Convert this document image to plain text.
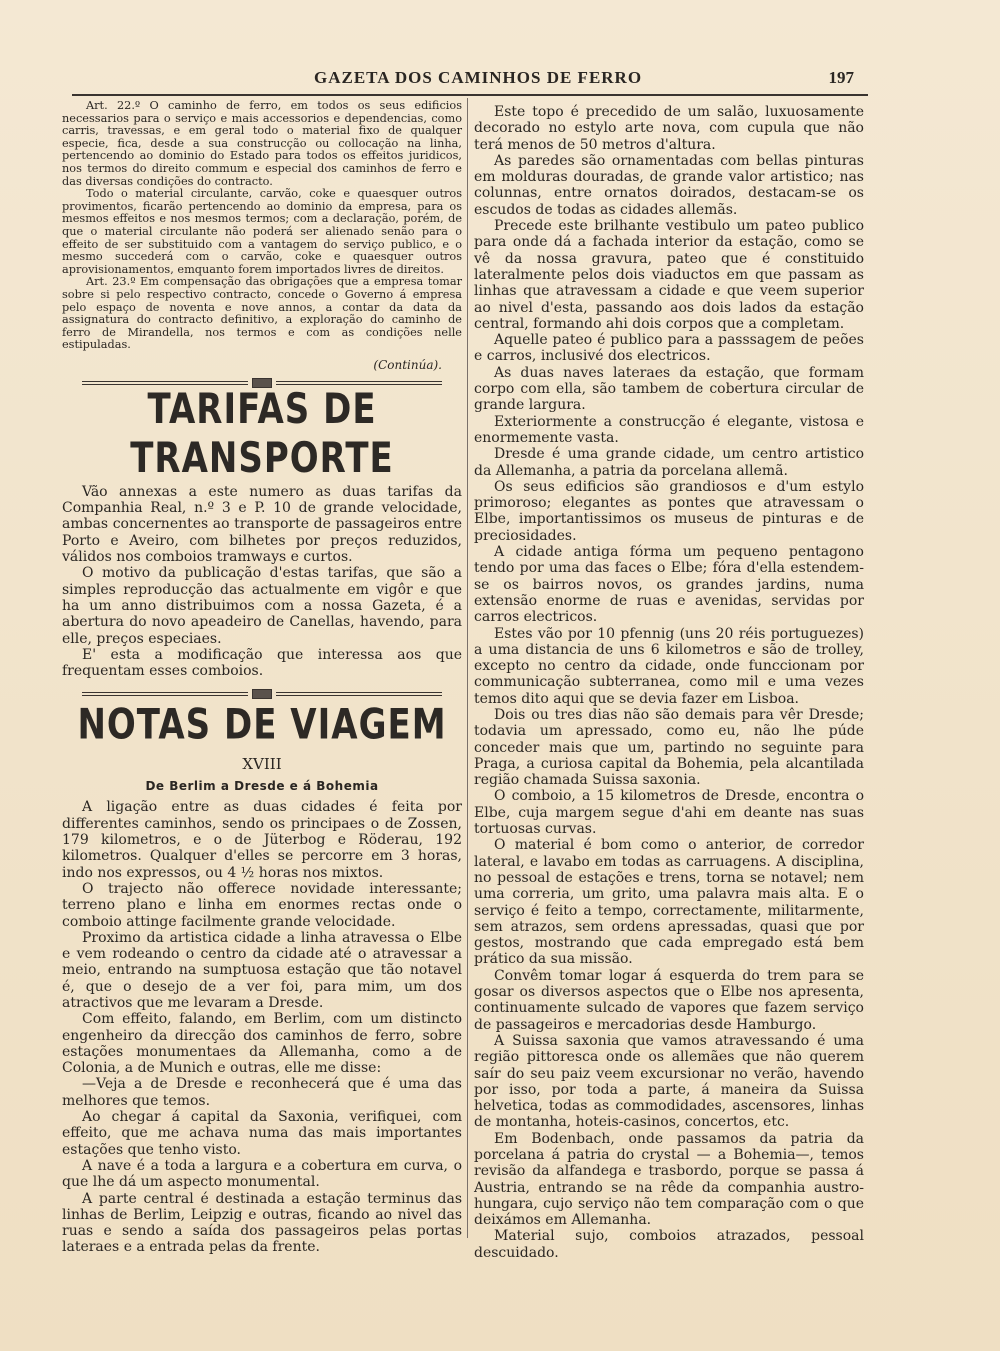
GAZETA DOS CAMINHOS DE FERRO	197

Art. 22.º O caminho de ferro, em todos os seus edificios necessarios para o serviço e mais accessorios e dependencias, como carris, travessas, e em geral todo o material fixo de qualquer especie, fica, desde a sua construcção ou collocação na linha, pertencendo ao dominio do Estado para todos os effeitos juridicos, nos termos do direito commum e especial dos caminhos de ferro e das diversas condições do contracto.

Todo o material circulante, carvão, coke e quaesquer outros provimentos, ficarão pertencendo ao dominio da empresa, para os mesmos effeitos e nos mesmos termos; com a declaração, porém, de que o material circulante não poderá ser alienado senão para o effeito de ser substituido com a vantagem do serviço publico, e o mesmo succederá com o carvão, coke e quaesquer outros aprovisionamentos, emquanto forem importados livres de direitos.

Art. 23.º Em compensação das obrigações que a empresa tomar sobre si pelo respectivo contracto, concede o Governo á empresa pelo espaço de noventa e nove annos, a contar da data da assignatura do contracto definitivo, a exploração do caminho de ferro de Mirandella, nos termos e com as condições nelle estipuladas.

(Continúa).
TARIFAS DE TRANSPORTE

Vão annexas a este numero as duas tarifas da Companhia Real, n.º 3 e P. 10 de grande velocidade, ambas concernentes ao transporte de passageiros entre Porto e Aveiro, com bilhetes por preços reduzidos, válidos nos comboios tramways e curtos.

O motivo da publicação d'estas tarifas, que são a simples reproducção das actualmente em vigôr e que ha um anno distribuimos com a nossa Gazeta, é a abertura do novo apeadeiro de Canellas, havendo, para elle, preços especiaes.

E' esta a modificação que interessa aos que frequentam esses comboios.

NOTAS DE VIAGEM
XVIII
De Berlim a Dresde e á Bohemia

A ligação entre as duas cidades é feita por differentes caminhos, sendo os principaes o de Zossen, 179 kilometros, e o de Jüterbog e Röderau, 192 kilometros. Qualquer d'elles se percorre em 3 horas, indo nos expressos, ou 4 ½ horas nos mixtos.

O trajecto não offerece novidade interessante; terreno plano e linha em enormes rectas onde o comboio attinge facilmente grande velocidade.

Proximo da artistica cidade a linha atravessa o Elbe e vem rodeando o centro da cidade até o atravessar a meio, entrando na sumptuosa estação que tão notavel é, que o desejo de a ver foi, para mim, um dos atractivos que me levaram a Dresde.

Com effeito, falando, em Berlim, com um distincto engenheiro da direcção dos caminhos de ferro, sobre estações monumentaes da Allemanha, como a de Colonia, a de Munich e outras, elle me disse:

—Veja a de Dresde e reconhecerá que é uma das melhores que temos.

Ao chegar á capital da Saxonia, verifiquei, com effeito, que me achava numa das mais importantes estações que tenho visto.

A nave é a toda a largura e a cobertura em curva, o que lhe dá um aspecto monumental.

A parte central é destinada a estação terminus das linhas de Berlim, Leipzig e outras, ficando ao nivel das ruas e sendo a saída dos passageiros pelas portas lateraes e a entrada pelas da frente.

Este topo é precedido de um salão, luxuosamente decorado no estylo arte nova, com cupula que não terá menos de 50 metros d'altura.

As paredes são ornamentadas com bellas pinturas em molduras douradas, de grande valor artistico; nas colunnas, entre ornatos doirados, destacam-se os escudos de todas as cidades allemãs.

Precede este brilhante vestibulo um pateo publico para onde dá a fachada interior da estação, como se vê da nossa gravura, pateo que é constituido lateralmente pelos dois viaductos em que passam as linhas que atravessam a cidade e que veem superior ao nivel d'esta, passando aos dois lados da estação central, formando ahi dois corpos que a completam.

Aquelle pateo é publico para a passsagem de peões e carros, inclusivé dos electricos.

As duas naves lateraes da estação, que formam corpo com ella, são tambem de cobertura circular de grande largura.

Exteriormente a construcção é elegante, vistosa e enormemente vasta.

Dresde é uma grande cidade, um centro artistico da Allemanha, a patria da porcelana allemã.

Os seus edificios são grandiosos e d'um estylo primoroso; elegantes as pontes que atravessam o Elbe, importantissimos os museus de pinturas e de preciosidades.

A cidade antiga fórma um pequeno pentagono tendo por uma das faces o Elbe; fóra d'ella estendem-se os bairros novos, os grandes jardins, numa extensão enorme de ruas e avenidas, servidas por carros electricos.

Estes vão por 10 pfennig (uns 20 réis portuguezes) a uma distancia de uns 6 kilometros e são de trolley, excepto no centro da cidade, onde funccionam por communicação subterranea, como mil e uma vezes temos dito aqui que se devia fazer em Lisboa.

Dois ou tres dias não são demais para vêr Dresde; todavia um apressado, como eu, não lhe púde conceder mais que um, partindo no seguinte para Praga, a curiosa capital da Bohemia, pela alcantilada região chamada Suissa saxonia.

O comboio, a 15 kilometros de Dresde, encontra o Elbe, cuja margem segue d'ahi em deante nas suas tortuosas curvas.

O material é bom como o anterior, de corredor lateral, e lavabo em todas as carruagens. A disciplina, no pessoal de estações e trens, torna se notavel; nem uma correria, um grito, uma palavra mais alta. E o serviço é feito a tempo, correctamente, militarmente, sem atrazos, sem ordens apressadas, quasi que por gestos, mostrando que cada empregado está bem prático da sua missão.

Convêm tomar logar á esquerda do trem para se gosar os diversos aspectos que o Elbe nos apresenta, continuamente sulcado de vapores que fazem serviço de passageiros e mercadorias desde Hamburgo.

A Suissa saxonia que vamos atravessando é uma região pittoresca onde os allemães que não querem saír do seu paiz veem excursionar no verão, havendo por isso, por toda a parte, á maneira da Suissa helvetica, todas as commodidades, ascensores, linhas de montanha, hoteis-casinos, concertos, etc.

Em Bodenbach, onde passamos da patria da porcelana á patria do crystal — a Bohemia—, temos revisão da alfandega e trasbordo, porque se passa á Austria, entrando se na rêde da companhia austro-hungara, cujo serviço não tem comparação com o que deixámos em Allemanha.

Material sujo, comboios atrazados, pessoal descuidado.
